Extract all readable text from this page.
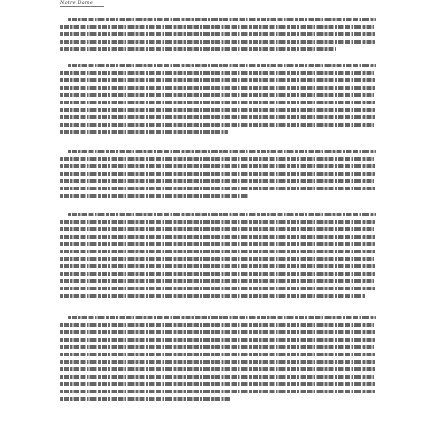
Notre Dame
